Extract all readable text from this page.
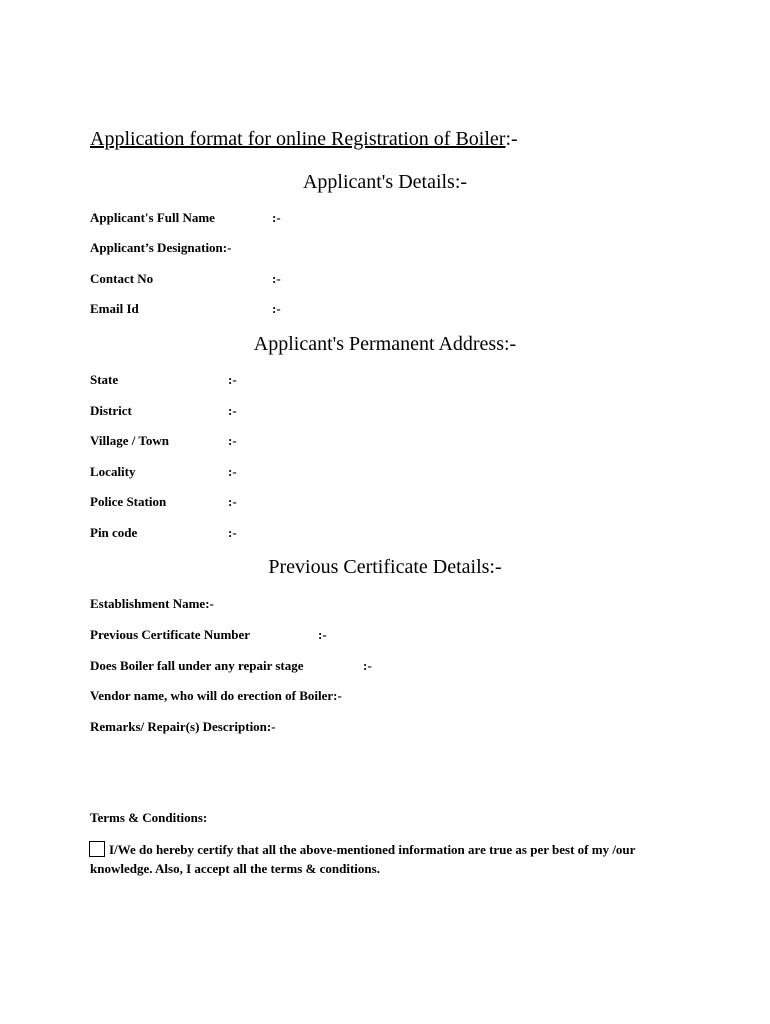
Application format for online Registration of Boiler:-
Applicant's Details:-
Applicant's Full Name	:-
Applicant’s Designation:-
Contact No	:-
Email Id	:-
Applicant's Permanent Address:-
State	:-
District	:-
Village / Town	:-
Locality	:-
Police Station	:-
Pin code	:-
Previous Certificate Details:-
Establishment Name:-
Previous Certificate Number	:-
Does Boiler fall under any repair stage	:-
Vendor name, who will do erection of Boiler:-
Remarks/ Repair(s) Description:-
Terms & Conditions:
I/We do hereby certify that all the above-mentioned information are true as per best of my /our knowledge. Also, I accept all the terms & conditions.
